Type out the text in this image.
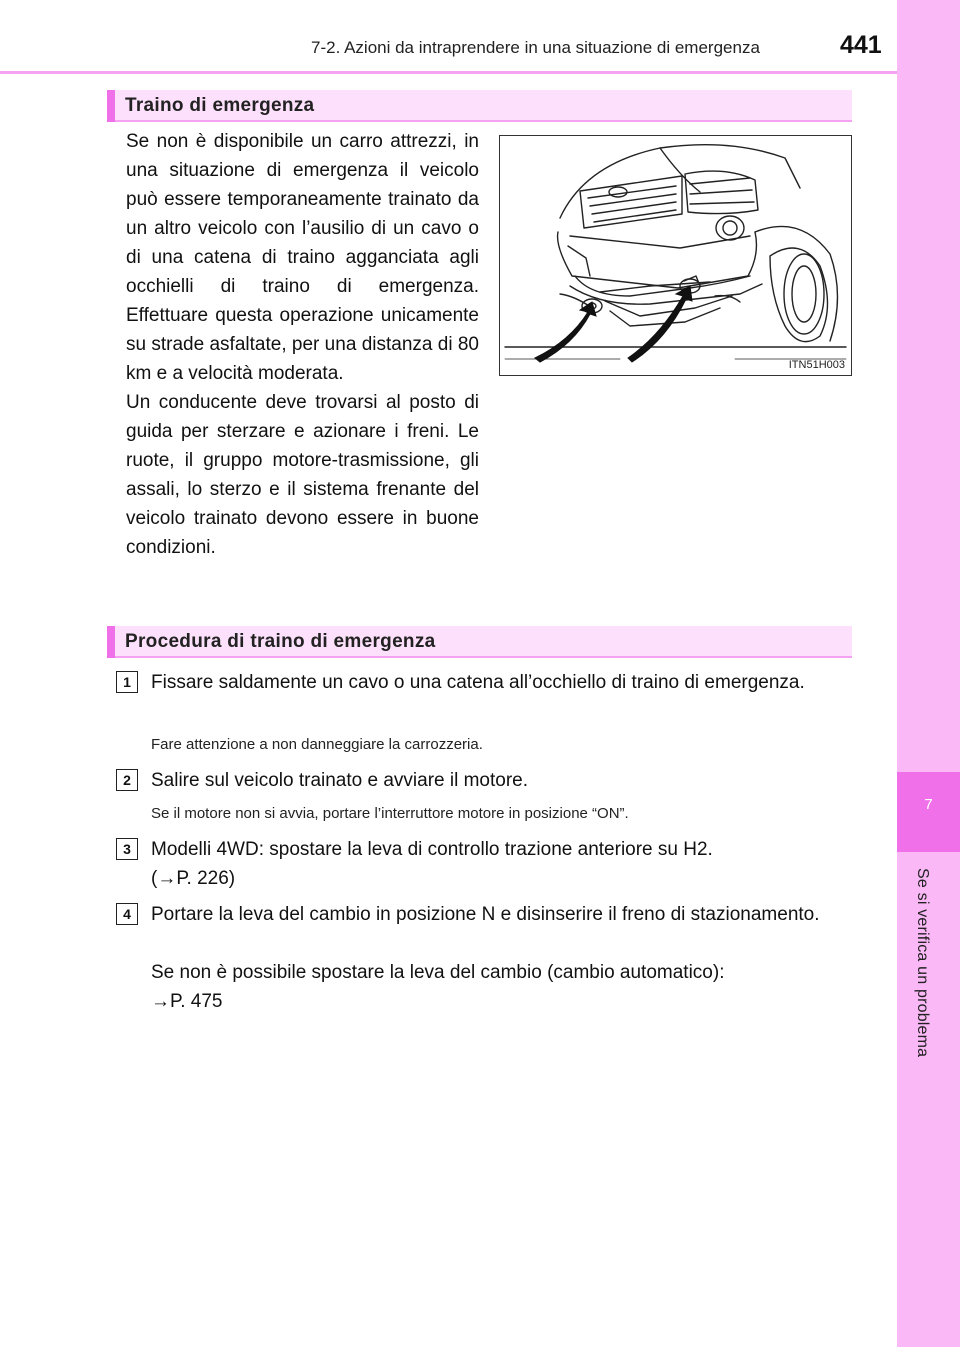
7-2. Azioni da intraprendere in una situazione di emergenza	441
7
Se si verifica un problema
Traino di emergenza

Se non è disponibile un carro attrezzi, in una situazione di emergenza il veicolo può essere temporaneamente trainato da un altro veicolo con l’ausilio di un cavo o di una catena di traino agganciata agli occhielli di traino di emergenza. Effettuare questa operazione unicamente su strade asfaltate, per una distanza di 80 km e a velocità moderata.

Un conducente deve trovarsi al posto di guida per sterzare e azionare i freni. Le ruote, il gruppo motore-trasmissione, gli assali, lo sterzo e il sistema frenante del veicolo trainato devono essere in buone condizioni.

ITN51H003
Procedura di traino di emergenza
1	Fissare saldamente un cavo o una catena all’occhiello di traino di emergenza.
Fare attenzione a non danneggiare la carrozzeria.
2	Salire sul veicolo trainato e avviare il motore.
Se il motore non si avvia, portare l’interruttore motore in posizione “ON”.
3	Modelli 4WD: spostare la leva di controllo trazione anteriore su H2.
(→P. 226)
4	Portare la leva del cambio in posizione N e disinserire il freno di stazionamento.
Se non è possibile spostare la leva del cambio (cambio automatico):
→P. 475
